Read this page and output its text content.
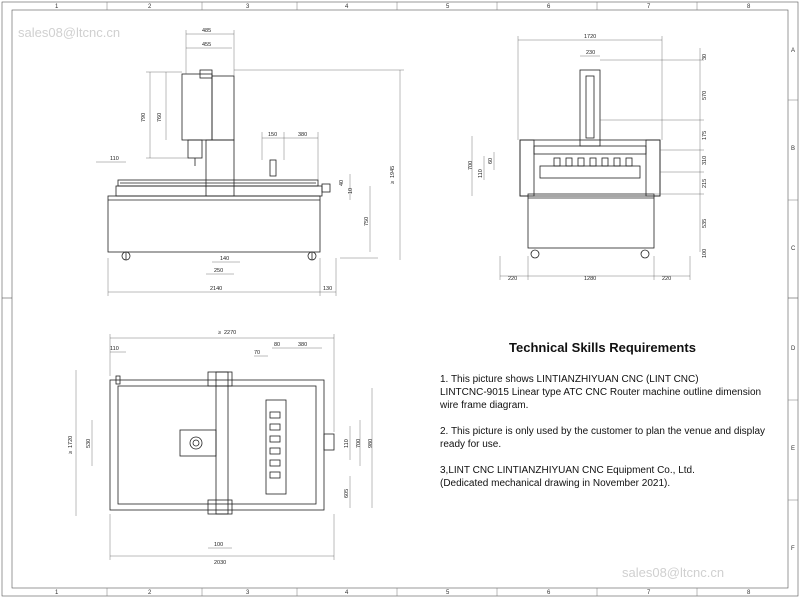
1	2	3	4	5	6	7	8
1	2	3	4	5	6	7	8
A
B
C
D
E
F
sales08@ltcnc.cn
sales08@ltcnc.cn
485
455
790 760
150	380
110
≥
1945
40
10
750
140
250
2140	130
1720
230
30
570
175
310
215
535
700	60
110
100
220	1280	220
≥ 2270
110
70
80	380
≥
1720 530	110 700 980
605
100
2030
Technical Skills Requirements
1. This picture shows LINTIANZHIYUAN CNC (LINT CNC)
LINTCNC-9015 Linear type ATC CNC Router machine outline dimension
wire frame diagram.
2. This picture is only used by the customer to plan the venue and display
ready for use.
3,LINT CNC LINTIANZHIYUAN CNC Equipment Co., Ltd.
(Dedicated mechanical drawing in November 2021).
